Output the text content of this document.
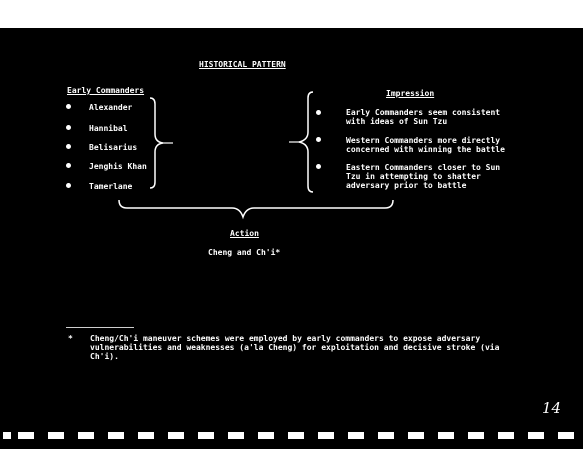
HISTORICAL PATTERN
Early Commanders
Alexander
Hannibal
Belisarius
Jenghis Khan
Tamerlane
Impression
Early Commanders seem consistent with ideas of Sun Tzu
Western Commanders more directly concerned with winning the battle
Eastern Commanders closer to Sun Tzu in attempting to shatter adversary prior to battle
Action
Cheng and Ch'i*
* Cheng/Ch'i maneuver schemes were employed by early commanders to expose adversary vulnerabilities and weaknesses (a'la Cheng) for exploitation and decisive stroke (via Ch'i).
14
